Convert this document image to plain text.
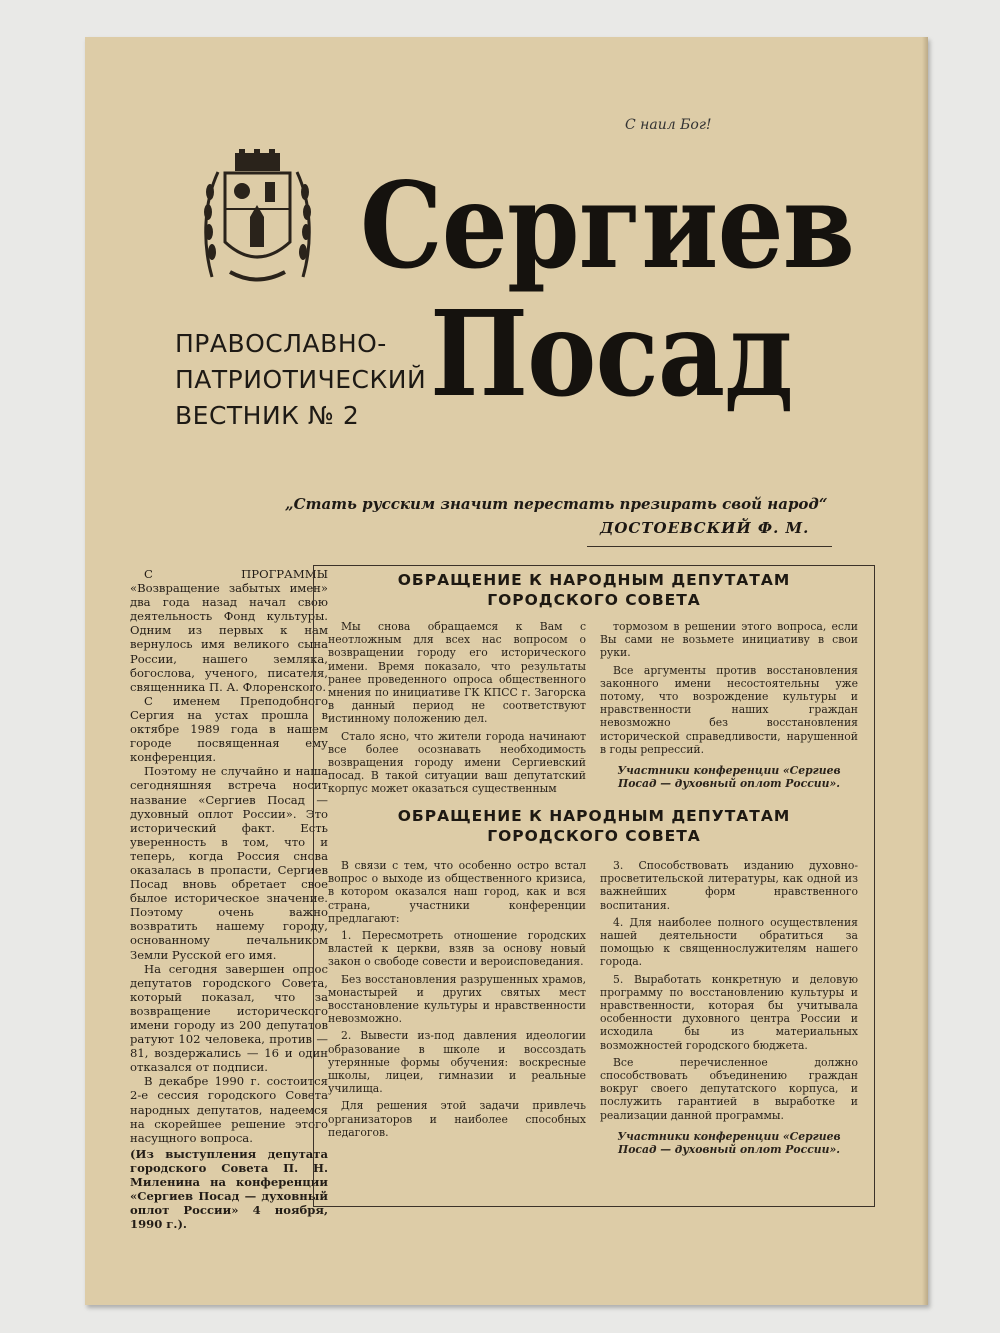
С наил Бог!
Сергиев
Посад
ПРАВОСЛАВНО-
ПАТРИОТИЧЕСКИЙ
ВЕСТНИК № 2
„Стать русским значит перестать презирать свой народ“
ДОСТОЕВСКИЙ Ф. М.

С ПРОГРАММЫ «Возвращение забытых имен» два года назад начал свою деятельность Фонд культуры. Одним из первых к нам вернулось имя великого сына России, нашего земляка, богослова, ученого, писателя, священника П. А. Флоренского.

С именем Преподобного Сергия на устах прошла в октябре 1989 года в нашем городе посвященная ему конференция.

Поэтому не случайно и наша сегодняшняя встреча носит название «Сергиев Посад — духовный оплот России». Это исторический факт. Есть уверенность в том, что и теперь, когда Россия снова оказалась в пропасти, Сергиев Посад вновь обретает свое былое историческое значение. Поэтому очень важно возвратить нашему городу, основанному печальником Земли Русской его имя.

На сегодня завершен опрос депутатов городского Совета, который показал, что за возвращение исторического имени городу из 200 депутатов ратуют 102 человека, против — 81, воздержались — 16 и один отказался от подписи.

В декабре 1990 г. состоится 2-е сессия городского Совета народных депутатов, надеемся на скорейшее решение этого насущного вопроса.

(Из выступления депутата городского Совета П. Н. Миленина на конференции «Сергиев Посад — духовный оплот России» 4 ноября, 1990 г.).

ОБРАЩЕНИЕ К НАРОДНЫМ ДЕПУТАТАМ
ГОРОДСКОГО СОВЕТА

Мы снова обращаемся к Вам с неотложным для всех нас вопросом о возвращении городу его исторического имени. Время показало, что результаты ранее проведенного опроса общественного мнения по инициативе ГК КПСС г. Загорска в данный период не соответствуют истинному положению дел.

Стало ясно, что жители города начинают все более осознавать необходимость возвращения городу имени Сергиевский посад. В такой ситуации ваш депутатский корпус может оказаться существенным

тормозом в решении этого вопроса, если Вы сами не возьмете инициативу в свои руки.

Все аргументы против восстановления законного имени несостоятельны уже потому, что возрождение культуры и нравственности наших граждан невозможно без восстановления исторической справедливости, нарушенной в годы репрессий.

Участники конференции «Сергиев Посад — духовный оплот России».

ОБРАЩЕНИЕ К НАРОДНЫМ ДЕПУТАТАМ
ГОРОДСКОГО СОВЕТА

В связи с тем, что особенно остро встал вопрос о выходе из общественного кризиса, в котором оказался наш город, как и вся страна, участники конференции предлагают:

1. Пересмотреть отношение городских властей к церкви, взяв за основу новый закон о свободе совести и вероисповедания.

Без восстановления разрушенных храмов, монастырей и других святых мест восстановление культуры и нравственности невозможно.

2. Вывести из-под давления идеологии образование в школе и воссоздать утерянные формы обучения: воскресные школы, лицеи, гимназии и реальные училища.

Для решения этой задачи привлечь организаторов и наиболее способных педагогов.

3. Способствовать изданию духовно-просветительской литературы, как одной из важнейших форм нравственного воспитания.

4. Для наиболее полного осуществления нашей деятельности обратиться за помощью к священнослужителям нашего города.

5. Выработать конкретную и деловую программу по восстановлению культуры и нравственности, которая бы учитывала особенности духовного центра России и исходила бы из материальных возможностей городского бюджета.

Все перечисленное должно способствовать объединению граждан вокруг своего депутатского корпуса, и послужить гарантией в выработке и реализации данной программы.

Участники конференции «Сергиев Посад — духовный оплот России».
